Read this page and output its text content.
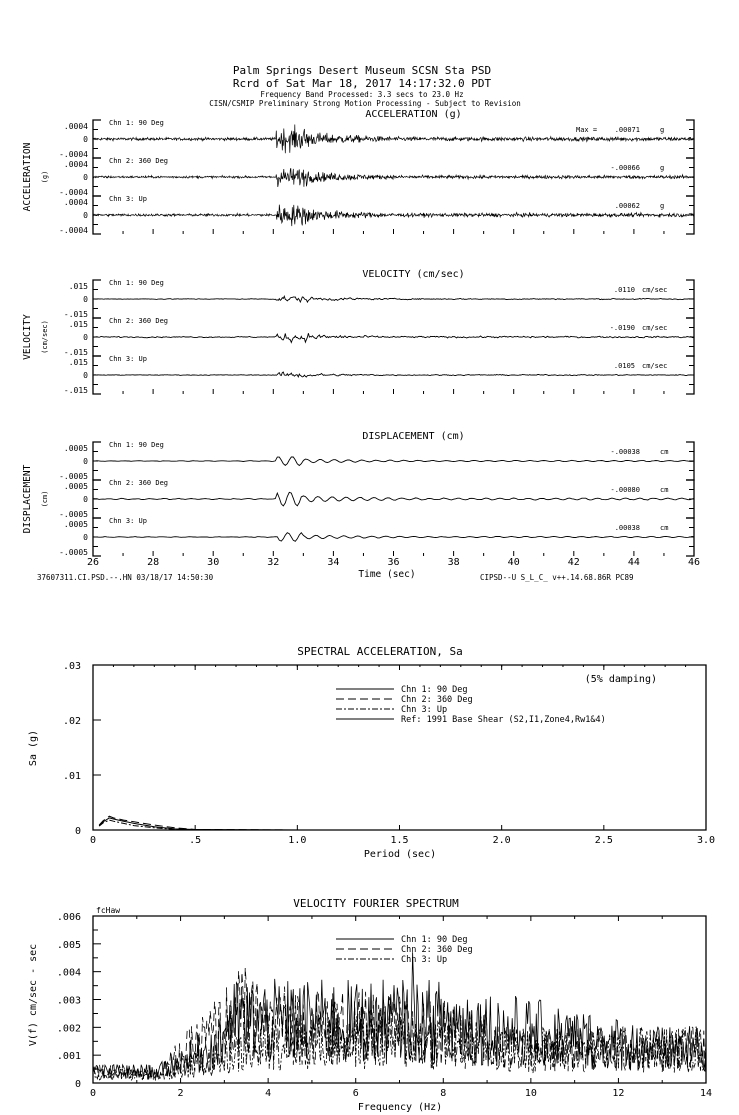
Palm Springs Desert Museum SCSN Sta PSD
Rcrd of Sat Mar 18, 2017 14:17:32.0 PDT
Frequency Band Processed: 3.3 secs to 23.0 Hz
CISN/CSMIP Preliminary Strong Motion Processing - Subject to Revision
ACCELERATION (g)
ACCELERATION (g)
.0004
0
-.0004
Chn 1: 90 Deg
Max =	.00071	g
.0004
0
-.0004
Chn 2: 360 Deg
-.00066	g
.0004
0
-.0004
Chn 3: Up
.00062	g
VELOCITY (cm/sec)
VELOCITY (cm/sec)
.015
0
-.015
Chn 1: 90 Deg
.0110 cm/sec
.015
0
-.015
Chn 2: 360 Deg
-.0190 cm/sec
.015
0
-.015
Chn 3: Up
.0105 cm/sec
DISPLACEMENT (cm)
DISPLACEMENT (cm)
.0005
0
-.0005
Chn 1: 90 Deg
-.00038	cm
.0005
0
-.0005
Chn 2: 360 Deg
-.00080	cm
.0005
0
-.0005
Chn 3: Up
.00038	cm
26	28	30	32	34	36	38	40	42	44	46
Time (sec)
SPECTRAL ACCELERATION, Sa
0	.5	1.0	1.5	2.0	2.5	3.0
.03
.02
.01
0
Sa (g)
Period (sec)
(5% damping)
Chn 1: 90 Deg
Chn 2: 360 Deg
Chn 3: Up
Ref: 1991 Base Shear (S2,I1,Zone4,Rw1&4)
VELOCITY FOURIER SPECTRUM
fcHaw
0	2	4	6	8	10	12	14
.006
.005
.004
.003
.002
.001
0
V(f) cm/sec - sec
Frequency (Hz)
Chn 1: 90 Deg
Chn 2: 360 Deg
Chn 3: Up
37607311.CI.PSD.--.HN 03/18/17 14:50:30	CIPSD--U S_L_C_ v++.14.68.86R PC89
